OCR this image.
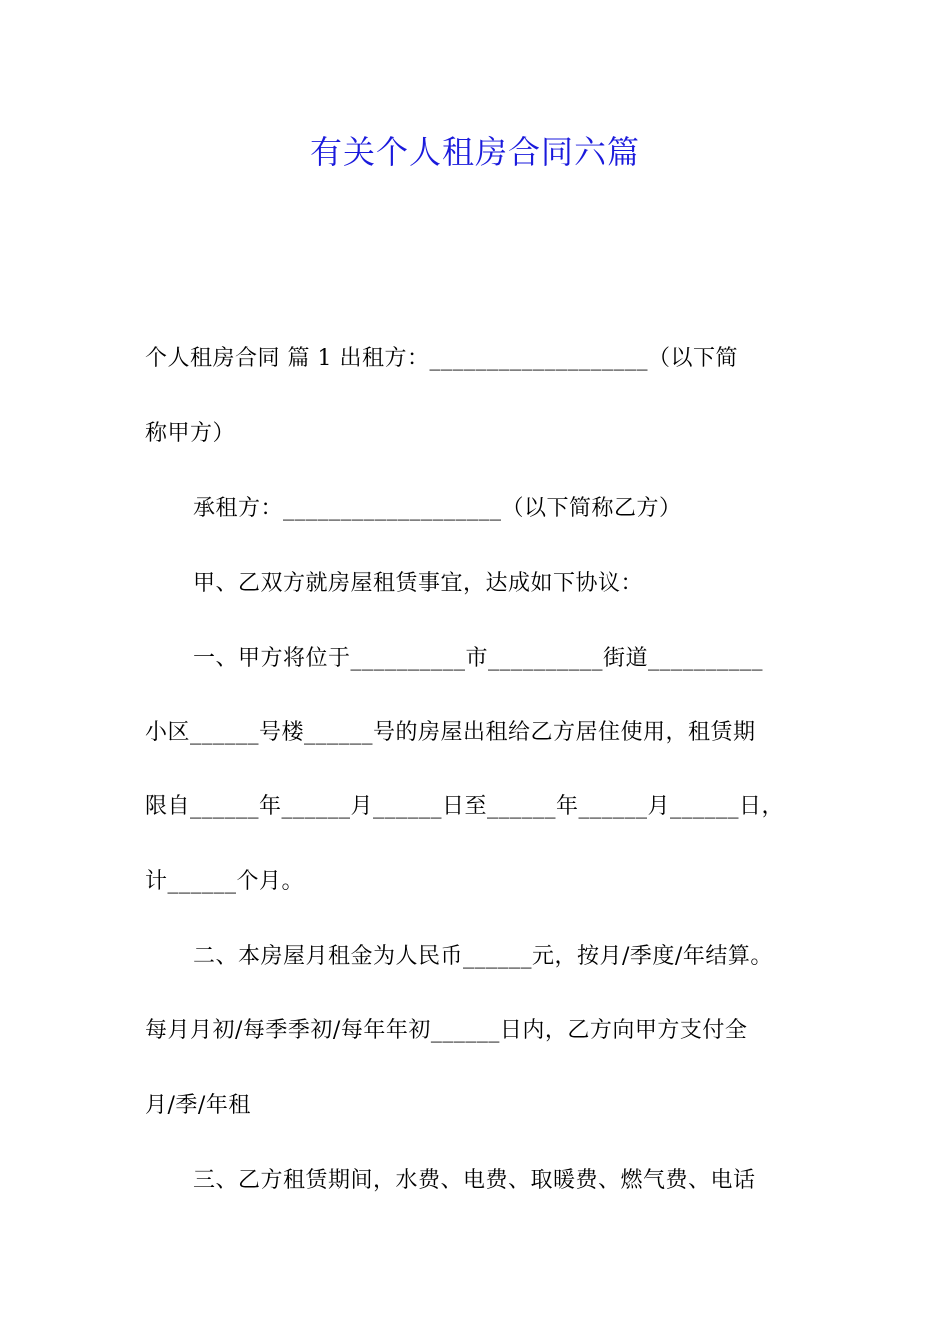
有关个人租房合同六篇
个人租房合同 篇 1 出租方：___________________（以下简
称甲方）
承租方：___________________（以下简称乙方）
甲、乙双方就房屋租赁事宜，达成如下协议：
一、甲方将位于__________市__________街道__________
小区______号楼______号的房屋出租给乙方居住使用，租赁期
限自______年______月______日至______年______月______日，
计______个月。
二、本房屋月租金为人民币______元，按月/季度/年结算。
每月月初/每季季初/每年年初______日内，乙方向甲方支付全
月/季/年租
三、乙方租赁期间，水费、电费、取暖费、燃气费、电话
